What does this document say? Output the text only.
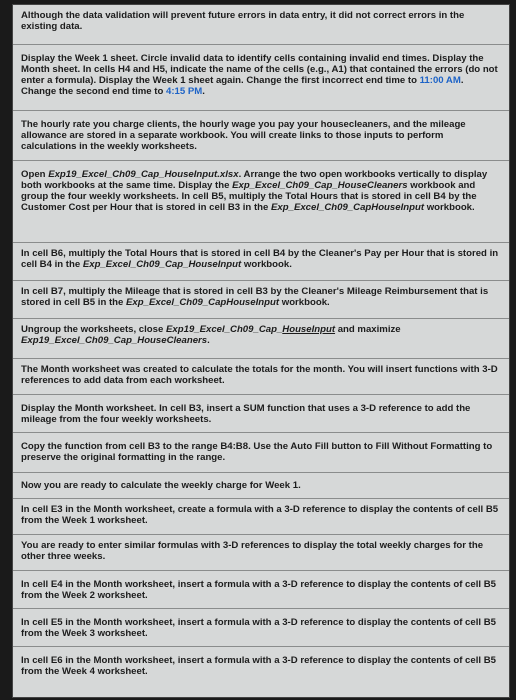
Although the data validation will prevent future errors in data entry, it did not correct errors in the existing data.

Display the Week 1 sheet. Circle invalid data to identify cells containing invalid end times. Display the Month sheet. In cells H4 and H5, indicate the name of the cells (e.g., A1) that contained the errors (do not enter a formula). Display the Week 1 sheet again. Change the first incorrect end time to 11:00 AM. Change the second end time to 4:15 PM.

The hourly rate you charge clients, the hourly wage you pay your housecleaners, and the mileage allowance are stored in a separate workbook. You will create links to those inputs to perform calculations in the weekly worksheets.

Open Exp19_Excel_Ch09_Cap_HouseInput.xlsx. Arrange the two open workbooks vertically to display both workbooks at the same time. Display the Exp_Excel_Ch09_Cap_HouseCleaners workbook and group the four weekly worksheets. In cell B5, multiply the Total Hours that is stored in cell B4 by the Customer Cost per Hour that is stored in cell B3 in the Exp_Excel_Ch09_CapHouseInput workbook.

In cell B6, multiply the Total Hours that is stored in cell B4 by the Cleaner's Pay per Hour that is stored in cell B4 in the Exp_Excel_Ch09_Cap_HouseInput workbook.

In cell B7, multiply the Mileage that is stored in cell B3 by the Cleaner's Mileage Reimbursement that is stored in cell B5 in the Exp_Excel_Ch09_CapHouseInput workbook.

Ungroup the worksheets, close Exp19_Excel_Ch09_Cap_HouseInput and maximize Exp19_Excel_Ch09_Cap_HouseCleaners.

The Month worksheet was created to calculate the totals for the month. You will insert functions with 3-D references to add data from each worksheet.

Display the Month worksheet. In cell B3, insert a SUM function that uses a 3-D reference to add the mileage from the four weekly worksheets.

Copy the function from cell B3 to the range B4:B8. Use the Auto Fill button to Fill Without Formatting to preserve the original formatting in the range.

Now you are ready to calculate the weekly charge for Week 1.

In cell E3 in the Month worksheet, create a formula with a 3-D reference to display the contents of cell B5 from the Week 1 worksheet.

You are ready to enter similar formulas with 3-D references to display the total weekly charges for the other three weeks.

In cell E4 in the Month worksheet, insert a formula with a 3-D reference to display the contents of cell B5 from the Week 2 worksheet.

In cell E5 in the Month worksheet, insert a formula with a 3-D reference to display the contents of cell B5 from the Week 3 worksheet.

In cell E6 in the Month worksheet, insert a formula with a 3-D reference to display the contents of cell B5 from the Week 4 worksheet.
